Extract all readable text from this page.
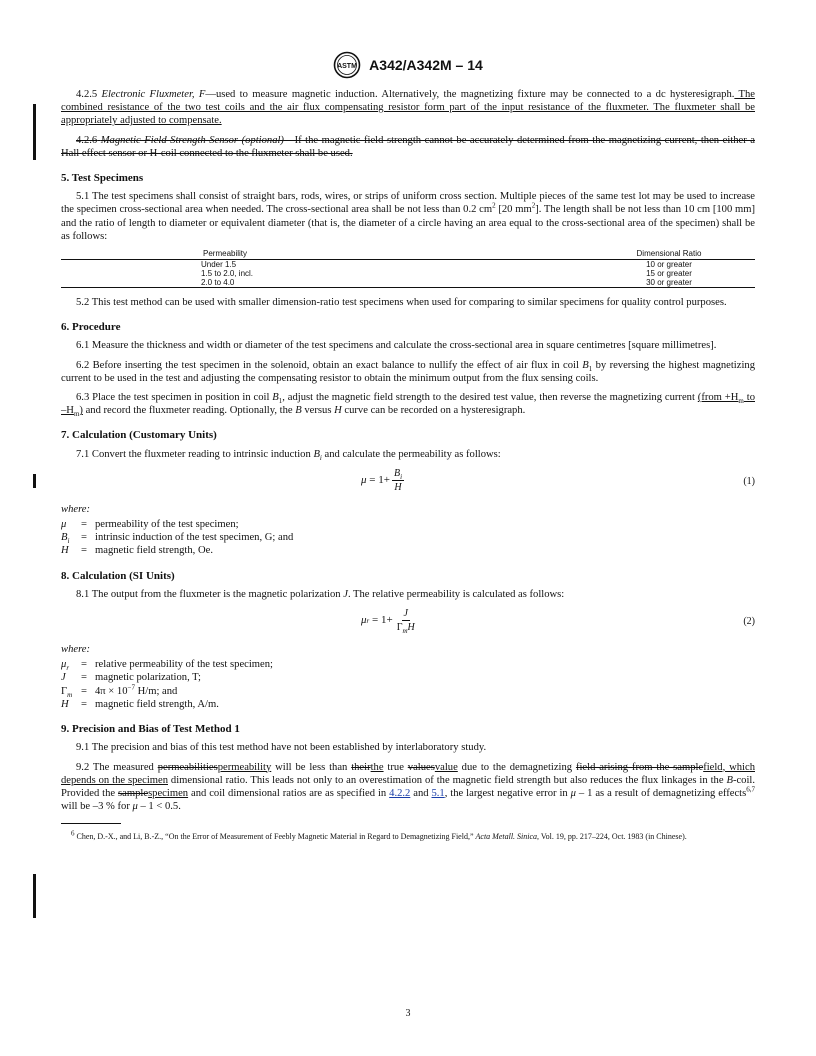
ASTM A342/A342M – 14

4.2.5 Electronic Fluxmeter, F—used to measure magnetic induction. Alternatively, the magnetizing fixture may be connected to a dc hysteresigraph. The combined resistance of the two test coils and the air flux compensating resistor form part of the input resistance of the fluxmeter. The fluxmeter shall be appropriately adjusted to compensate.

4.2.6 Magnetic Field Strength Sensor (optional)—If the magnetic field strength cannot be accurately determined from the magnetizing current, then either a Hall effect sensor or H-coil connected to the fluxmeter shall be used.

5. Test Specimens

5.1 The test specimens shall consist of straight bars, rods, wires, or strips of uniform cross section. Multiple pieces of the same test lot may be used to increase the specimen cross-sectional area when needed. The cross-sectional area shall be not less than 0.2 $cm^2$ [20 $mm^2$]. The length shall be not less than 10 cm [100 mm] and the ratio of length to diameter or equivalent diameter (that is, the diameter of a circle having an area equal to the cross-sectional area of the specimen) shall be as follows:

Permeability	Dimensional Ratio
Under 1.5	10 or greater
1.5 to 2.0, incl.	15 or greater
2.0 to 4.0	30 or greater

5.2 This test method can be used with smaller dimension-ratio test specimens when used for comparing to similar specimens for quality control purposes.

6. Procedure

6.1 Measure the thickness and width or diameter of the test specimens and calculate the cross-sectional area in square centimetres [square millimetres].

6.2 Before inserting the test specimen in the solenoid, obtain an exact balance to nullify the effect of air flux in coil $B_1$ by reversing the highest magnetizing current to be used in the test and adjusting the compensating resistor to obtain the minimum output from the flux sensing coils.

6.3 Place the test specimen in position in coil $B_1$, adjust the magnetic field strength to the desired test value, then reverse the magnetizing current (from $+H_m$ to $-H_m$) and record the fluxmeter reading. Optionally, the B versus H curve can be recorded on a hysteresigraph.

7. Calculation (Customary Units)

7.1 Convert the fluxmeter reading to intrinsic induction $B_i$ and calculate the permeability as follows:

$\mu = 1+ \frac{B_i}{H}$	(1)
where:
μ	= permeability of the test specimen;
$B_i$	= intrinsic induction of the test specimen, G; and
H	= magnetic field strength, Oe.
8. Calculation (SI Units)

8.1 The output from the fluxmeter is the magnetic polarization J. The relative permeability is calculated as follows:

μ $r = 1+ \frac{J}{\Gamma_mH}$	(2)
where:
$\mu_r$	= relative permeability of the test specimen;
J	= magnetic polarization, T;
$\Gamma_m = 4\pi \times 10^{-7}$ H/m; and
H	= magnetic field strength, A/m.
9. Precision and Bias of Test Method 1

9.1 The precision and bias of this test method have not been established by interlaboratory study.

9.2 The measured permeabilitiespermeability will be less than theirthe true valuesvalue due to the demagnetizing field arising from the samplefield, which depends on the specimen dimensional ratio. This leads not only to an overestimation of the magnetic field strength but also reduces the flux linkages in the B-coil. Provided the samplespecimen and coil dimensional ratios are as specified in 4.2.2 and 5.1, the largest negative error in μ – 1 as a result of demagnetizing effects$^{6,7}$ will be –3 % for μ – 1 < 0.5.

$^6$ Chen, D.-X., and Li, B.-Z., “On the Error of Measurement of Feebly Magnetic Material in Regard to Demagnetizing Field,” Acta Metall. Sinica, Vol. 19, pp. 217–224, Oct. 1983 (in Chinese).

3
